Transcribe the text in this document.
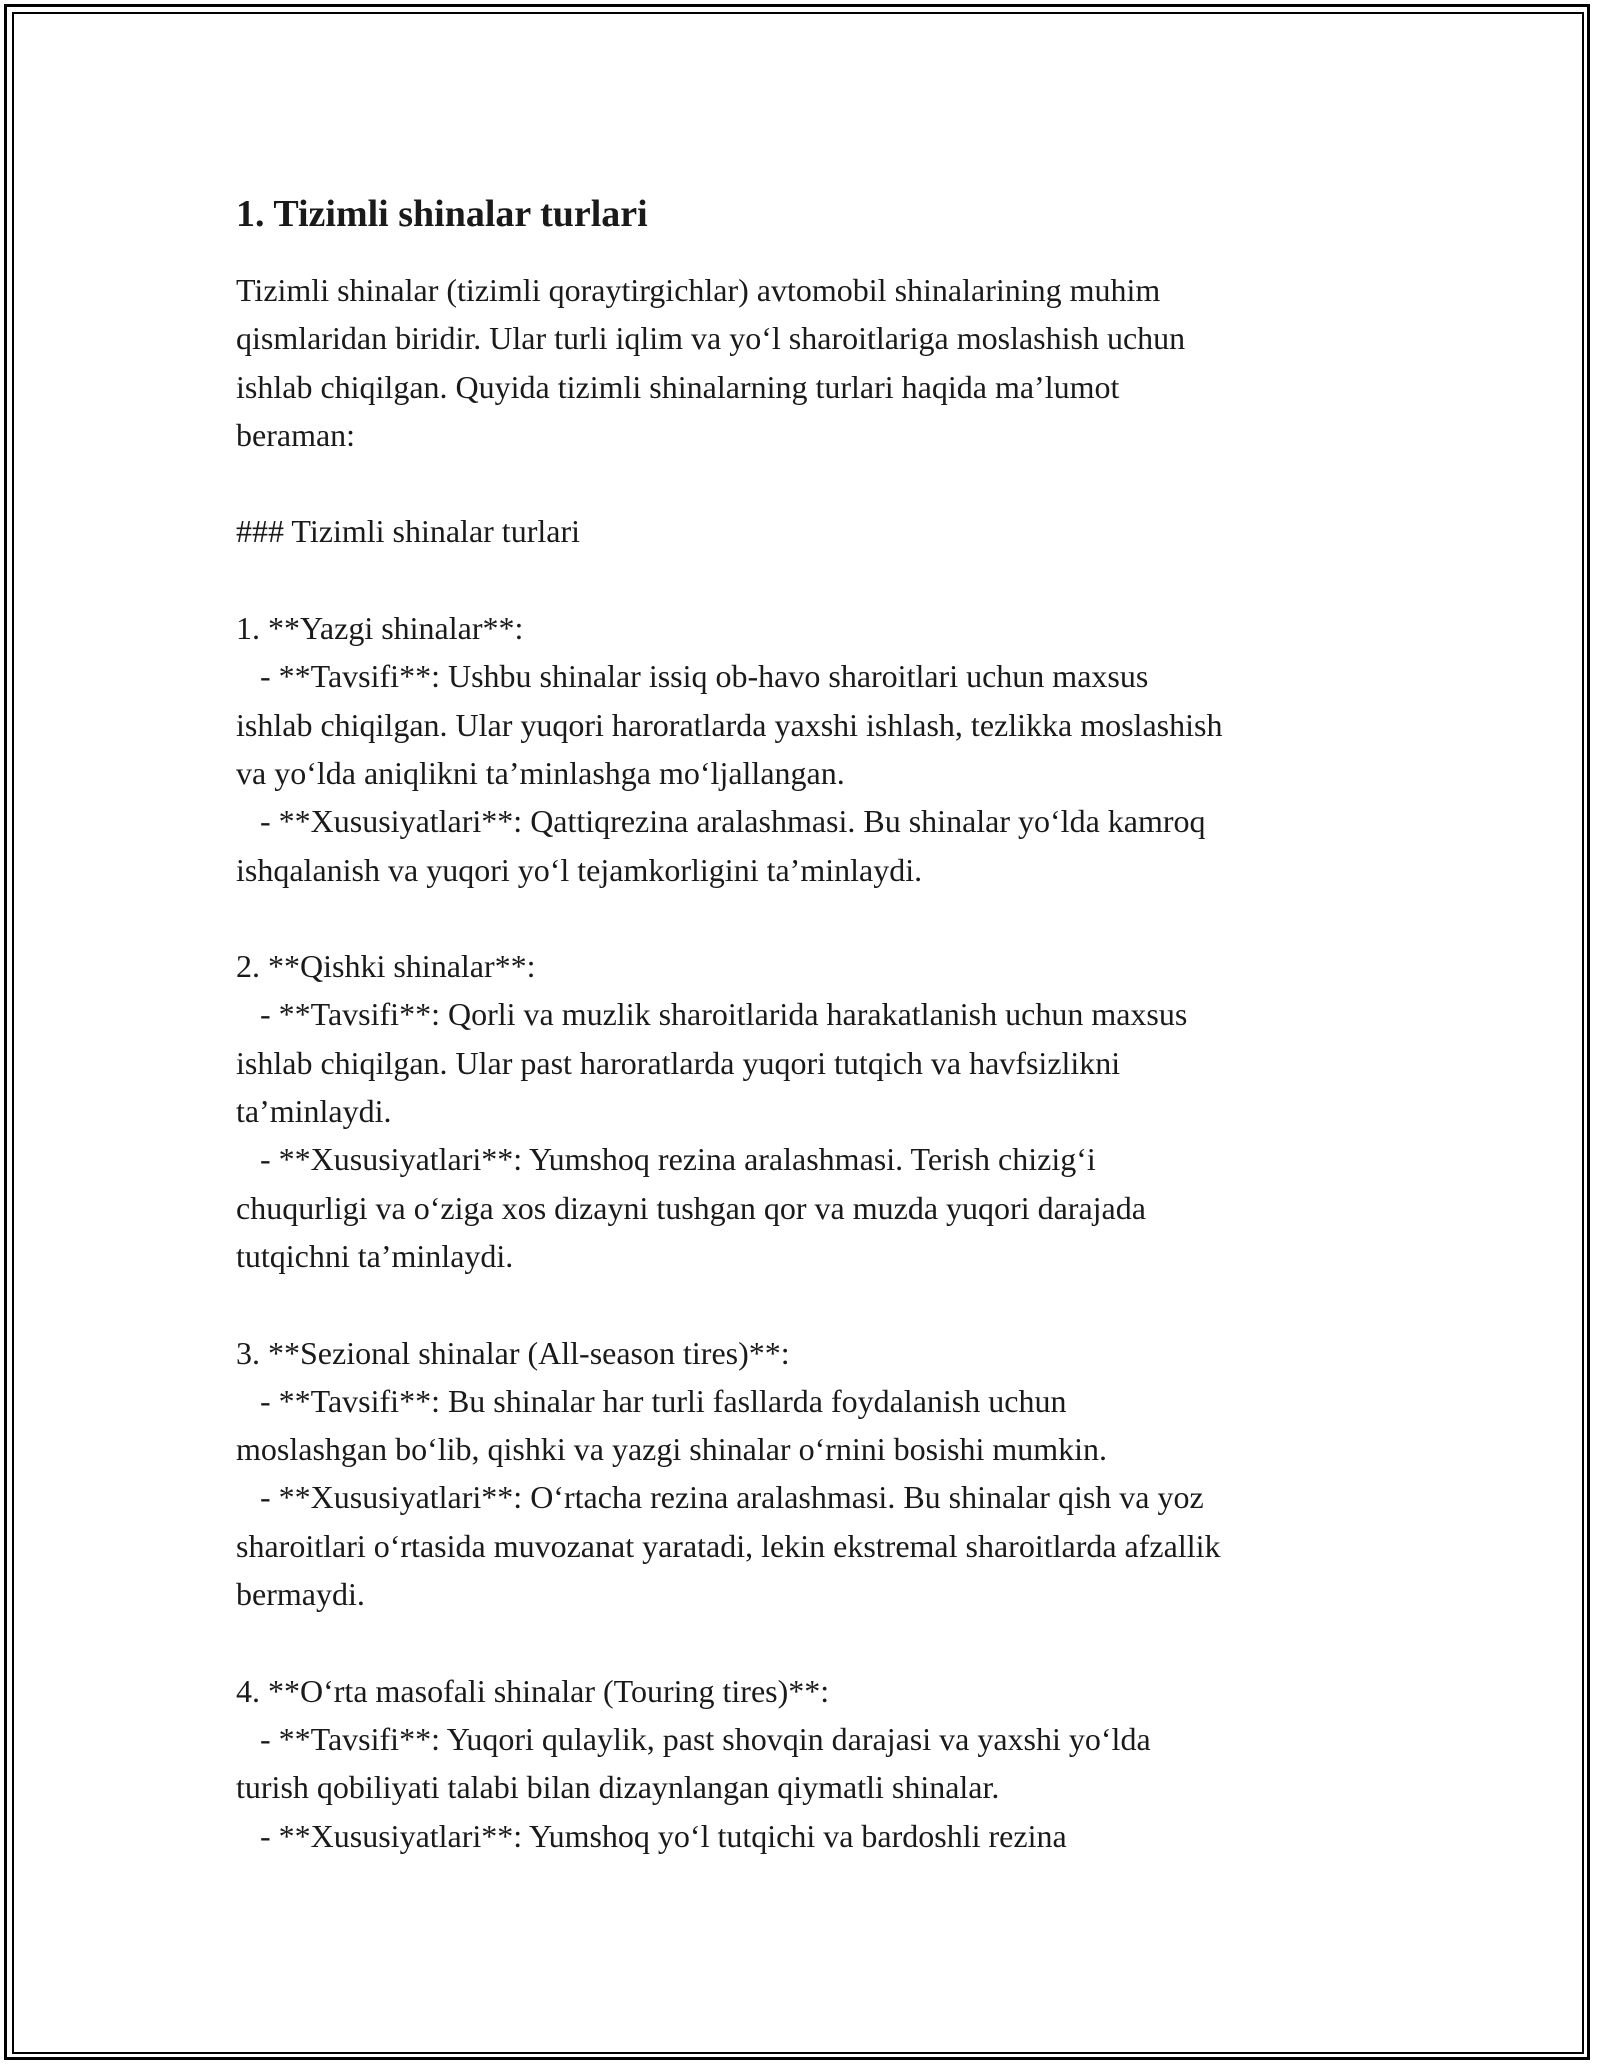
1. Tizimli shinalar turlari

Tizimli shinalar (tizimli qoraytirgichlar) avtomobil shinalarining muhim
qismlaridan biridir. Ular turli iqlim va yo‘l sharoitlariga moslashish uchun
ishlab chiqilgan. Quyida tizimli shinalarning turlari haqida ma’lumot
beraman:

### Tizimli shinalar turlari

1. **Yazgi shinalar**:
- **Tavsifi**: Ushbu shinalar issiq ob-havo sharoitlari uchun maxsus
ishlab chiqilgan. Ular yuqori haroratlarda yaxshi ishlash, tezlikka moslashish
va yo‘lda aniqlikni ta’minlashga mo‘ljallangan.
- **Xususiyatlari**: Qattiqrezina aralashmasi. Bu shinalar yo‘lda kamroq
ishqalanish va yuqori yo‘l tejamkorligini ta’minlaydi.

2. **Qishki shinalar**:
- **Tavsifi**: Qorli va muzlik sharoitlarida harakatlanish uchun maxsus
ishlab chiqilgan. Ular past haroratlarda yuqori tutqich va havfsizlikni
ta’minlaydi.
- **Xususiyatlari**: Yumshoq rezina aralashmasi. Terish chizig‘i
chuqurligi va o‘ziga xos dizayni tushgan qor va muzda yuqori darajada
tutqichni ta’minlaydi.

3. **Sezional shinalar (All-season tires)**:
- **Tavsifi**: Bu shinalar har turli fasllarda foydalanish uchun
moslashgan bo‘lib, qishki va yazgi shinalar o‘rnini bosishi mumkin.
- **Xususiyatlari**: O‘rtacha rezina aralashmasi. Bu shinalar qish va yoz
sharoitlari o‘rtasida muvozanat yaratadi, lekin ekstremal sharoitlarda afzallik
bermaydi.

4. **O‘rta masofali shinalar (Touring tires)**:
- **Tavsifi**: Yuqori qulaylik, past shovqin darajasi va yaxshi yo‘lda
turish qobiliyati talabi bilan dizaynlangan qiymatli shinalar.
- **Xususiyatlari**: Yumshoq yo‘l tutqichi va bardoshli rezina
